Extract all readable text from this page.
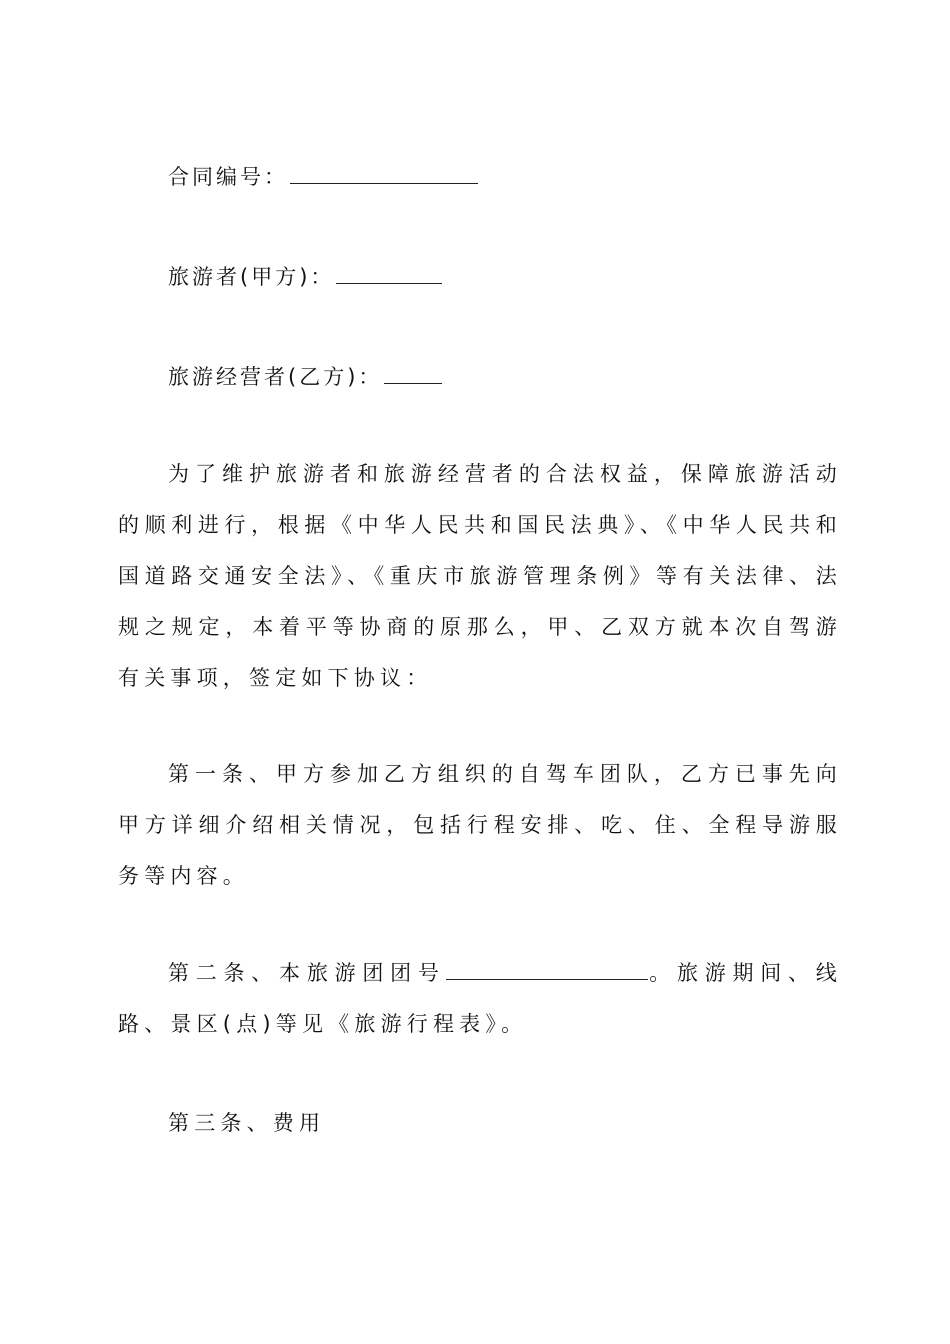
合同编号：
旅游者(甲方)：
旅游经营者(乙方)：

为了维护旅游者和旅游经营者的合法权益，保障旅游活动的顺利进行，根据《中华人民共和国民法典》、《中华人民共和国道路交通安全法》、《重庆市旅游管理条例》等有关法律、法规之规定，本着平等协商的原那么，甲、乙双方就本次自驾游有关事项，签定如下协议：

第一条、甲方参加乙方组织的自驾车团队，乙方已事先向甲方详细介绍相关情况，包括行程安排、吃、住、全程导游服务等内容。

第二条、本旅游团团号	。旅游期间、线路、景区(点)等见《旅游行程表》。

第三条、费用
